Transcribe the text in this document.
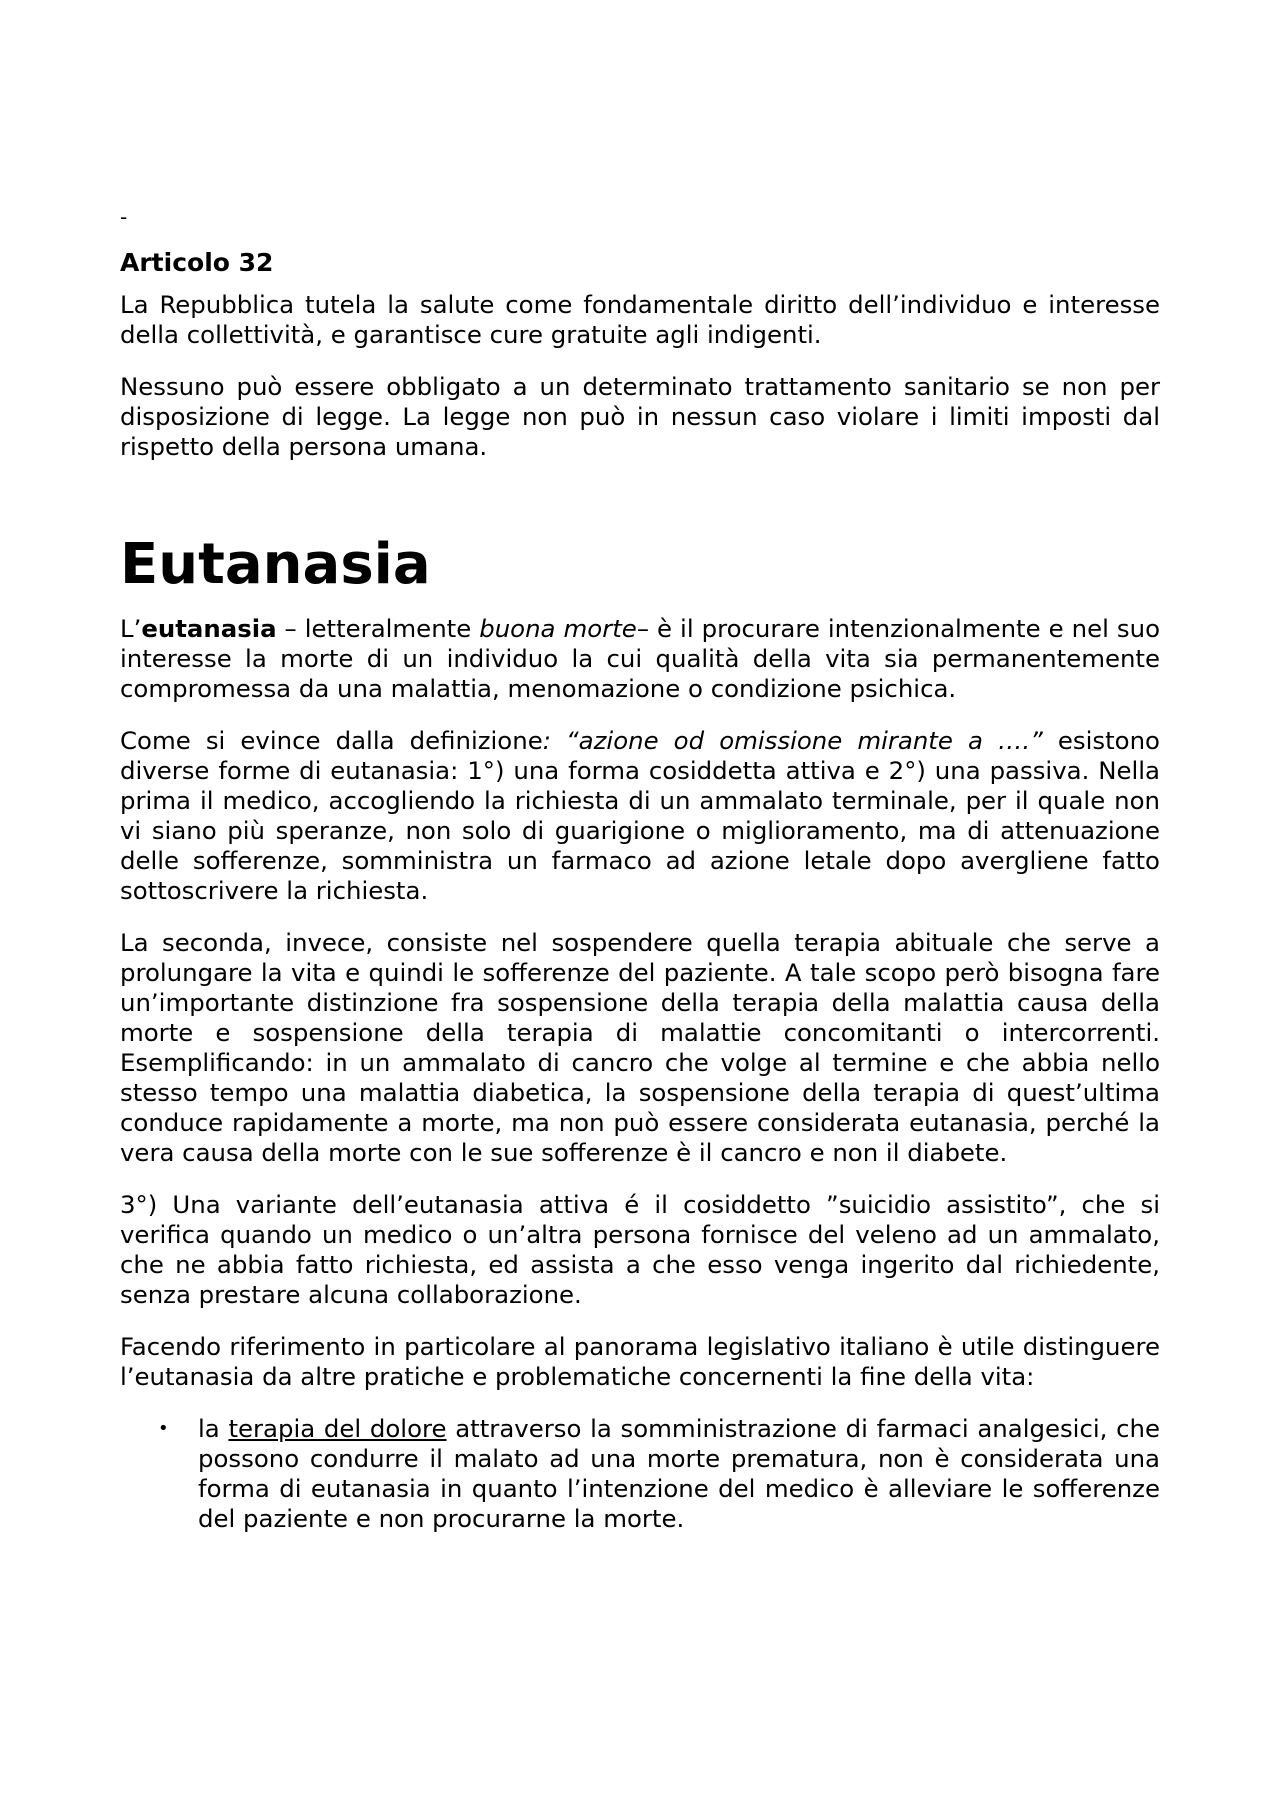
-
Articolo 32

La Repubblica tutela la salute come fondamentale diritto dell’individuo e interesse della collettività, e garantisce cure gratuite agli indigenti.

Nessuno può essere obbligato a un determinato trattamento sanitario se non per disposizione di legge. La legge non può in nessun caso violare i limiti imposti dal rispetto della persona umana.

Eutanasia

L’eutanasia – letteralmente buona morte– è il procurare intenzionalmente e nel suo interesse la morte di un individuo la cui qualità della vita sia permanentemente compromessa da una malattia, menomazione o condizione psichica.

Come si evince dalla definizione: “azione od omissione mirante a ….” esistono diverse forme di eutanasia: 1°) una forma cosiddetta attiva e 2°) una passiva. Nella prima il medico, accogliendo la richiesta di un ammalato terminale, per il quale non vi siano più speranze, non solo di guarigione o miglioramento, ma di attenuazione delle sofferenze, somministra un farmaco ad azione letale dopo avergliene fatto sottoscrivere la richiesta.

La seconda, invece, consiste nel sospendere quella terapia abituale che serve a prolungare la vita e quindi le sofferenze del paziente. A tale scopo però bisogna fare un’importante distinzione fra sospensione della terapia della malattia causa della morte e sospensione della terapia di malattie concomitanti o intercorrenti. Esemplificando: in un ammalato di cancro che volge al termine e che abbia nello stesso tempo una malattia diabetica, la sospensione della terapia di quest’ultima conduce rapidamente a morte, ma non può essere considerata eutanasia, perché la vera causa della morte con le sue sofferenze è il cancro e non il diabete.

3°) Una variante dell’eutanasia attiva é il cosiddetto ”suicidio assistito”, che si verifica quando un medico o un’altra persona fornisce del veleno ad un ammalato, che ne abbia fatto richiesta, ed assista a che esso venga ingerito dal richiedente, senza prestare alcuna collaborazione.

Facendo riferimento in particolare al panorama legislativo italiano è utile distinguere l’eutanasia da altre pratiche e problematiche concernenti la fine della vita:

• la terapia del dolore attraverso la somministrazione di farmaci analgesici, che possono condurre il malato ad una morte prematura, non è considerata una forma di eutanasia in quanto l’intenzione del medico è alleviare le sofferenze del paziente e non procurarne la morte.
